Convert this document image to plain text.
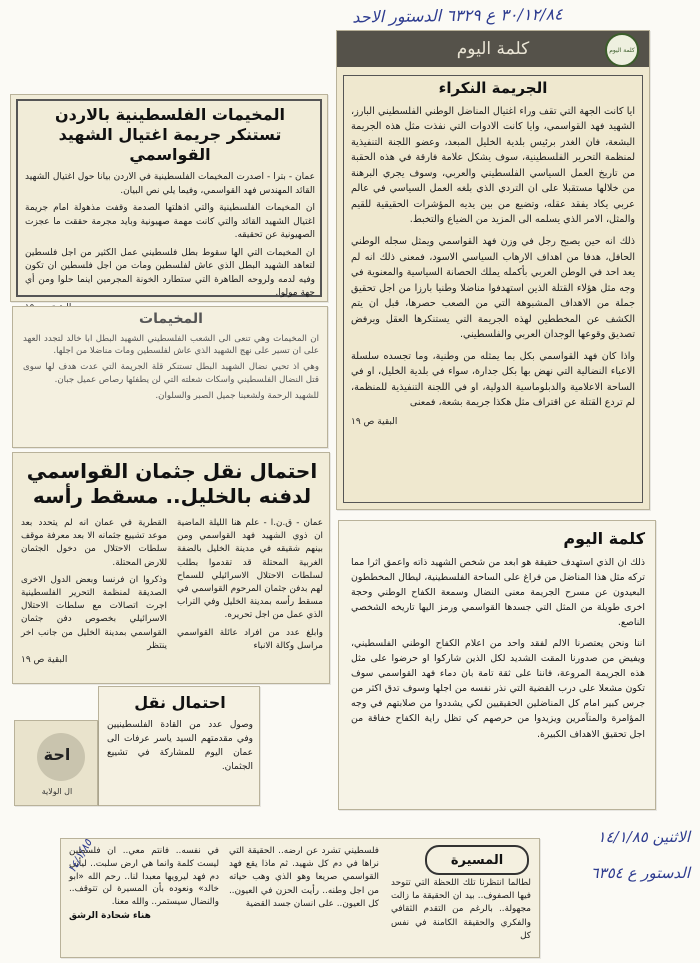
٣٠/١٢/٨٤ ع ٦٣٢٩ الدستور الاحد
كلمة اليوم	كلمة اليوم
الجريمة النكراء

ايا كانت الجهة التي تقف وراء اغتيال المناضل الوطني الفلسطيني البارز، الشهيد فهد القواسمي، وايا كانت الادوات التي نفذت مثل هذه الجريمة البشعة، فان الغدر برئيس بلدية الخليل المبعد، وعضو اللجنة التنفيذية لمنظمة التحرير الفلسطينية، سوف يشكل علامة فارقة في هذه الحقبة من تاريخ العمل السياسي الفلسطيني والعربي، وسوف يجري البرهنة من خلالها مستقبلا على ان التردي الذي بلغه العمل السياسي في عالم عربي يكاد يفقد عقله، وتضيع من بين يديه المؤشرات الحقيقية للقيم والمثل، الامر الذي يسلمه الى المزيد من الضياع والتخبط.

ذلك انه حين يصبح رجل في وزن فهد القواسمي ويمثل سجله الوطني الحافل، هدفا من اهداف الارهاب السياسي الاسود، فمعنى ذلك انه لم يعد احد في الوطن العربي بأكمله يملك الحصانة السياسية والمعنوية في وجه مثل هؤلاء القتلة الذين استهدفوا مناضلا وطنيا بارزا من اجل تحقيق جملة من الاهداف المشبوهة التي من الصعب حصرها، قبل ان يتم الكشف عن المخططين لهذه الجريمة التي يستنكرها العقل ويرفض تصديق وقوعها الوجدان العربي والفلسطيني.

واذا كان فهد القواسمي بكل بما يمثله من وطنية، وما تجسده سلسلة الاعباء النضالية التي نهض بها بكل جدارة، سواء في بلدية الخليل، او في الساحة الاعلامية والدبلوماسية الدولية، او في اللجنة التنفيذية للمنظمة، لم تردع القتلة عن اقتراف مثل هكذا جريمة بشعة، فمعنى

البقية ص ١٩
المخيمات الفلسطينية بالاردن تستنكر جريمة اغتيال الشهيد القواسمي

عمان - بترا - اصدرت المخيمات الفلسطينية في الاردن بيانا حول اغتيال الشهيد القائد المهندس فهد القواسمي، وفيما يلي نص البيان.

ان المخيمات الفلسطينية والتي اذهلتها الصدمة وقفت مذهولة امام جريمة اغتيال الشهيد القائد والتي كانت مهمة صهيونية وبايد مجرمة حققت ما عجزت الصهيونية عن تحقيقه.

ان المخيمات التي الها سقوط بطل فلسطيني عمل الكثير من اجل فلسطين لتعاهد الشهيد البطل الذي عاش لفلسطين ومات من اجل فلسطين ان تكون وفيه لدمه ولروحه الطاهرة التي ستطارد الخونة المجرمين اينما حلوا ومن أي جهة مولوا.

المخيمات

ان المخيمات وهي تنعى الى الشعب الفلسطيني الشهيد البطل ابا خالد لتجدد العهد على ان تسير على نهج الشهيد الذي عاش لفلسطين ومات مناضلا من اجلها.

وهي اذ تحيي نضال الشهيد البطل تستنكر قلة الجريمة التي عدت هدف لها سوى قتل النضال الفلسطيني واسكات شعلته التي لن يطفئها رصاص عميل جبان.

للشهيد الرحمة ولشعبنا جميل الصبر والسلوان.

احتمال نقل جثمان القواسمي
لدفنه بالخليل.. مسقط رأسه

عمان - ق.ن.ا - علم هنا الليلة الماضية ان ذوي الشهيد فهد القواسمي ومن بينهم شقيقه في مدينة الخليل بالضفة الغربية المحتلة قد تقدموا بطلب لسلطات الاحتلال الاسرائيلي للسماح لهم بدفن جثمان المرحوم القواسمي في مسقط رأسه بمدينة الخليل وفي التراب الذي عمل من اجل تحريره.

وابلغ عدد من افراد عائلة القواسمي مراسل وكالة الانباء

القطرية في عمان انه لم يتحدد بعد موعد تشييع جثمانه الا بعد معرفة موقف سلطات الاحتلال من دخول الجثمان للارض المحتلة.

وذكروا ان فرنسا وبعض الدول الاخرى الصديقة لمنظمة التحرير الفلسطينية اجرت اتصالات مع سلطات الاحتلال الاسرائيلي بخصوص دفن جثمان القواسمي بمدينة الخليل من جانب اخر ينتظر

البقية ص ١٩
احتمال نقل

وصول عدد من القادة الفلسطينيين وفي مقدمتهم السيد ياسر عرفات الى عمان اليوم للمشاركة في تشييع الجثمان.

احة
ال الولاية
كلمة اليوم

ذلك ان الذي استهدف حقيقة هو ابعد من شخص الشهيد ذاته واعمق اثرا مما تركه مثل هذا المناضل من فراغ على الساحة الفلسطينية، ليطال المخططون البعيدون عن مسرح الجريمة معنى النضال وسمعة الكفاح الوطني وحجة اخرى طويلة من المثل التي جسدها القواسمي ورمز اليها تاريخه الشخصي الناصع.

اننا ونحن يعتصرنا الالم لفقد واحد من اعلام الكفاح الوطني الفلسطيني، ويفيض من صدورنا المقت الشديد لكل الذين شاركوا او حرضوا على مثل هذه الجريمة المروعة، فاننا على ثقة تامة بان دماء فهد القواسمي سوف تكون مشعلا على درب القضية التي نذر نفسه من اجلها وسوف تدق اكثر من جرس كبير امام كل المناضلين الحقيقيين لكي يشددوا من صلابتهم في وجه المؤامرة والمتآمرين ويزيدوا من حرصهم كي تظل راية الكفاح خفاقة من اجل تحقيق الاهداف الكبيرة.

المسيرة

لطالما انتظرنا تلك اللحظة التي تتوحد فيها الصفوف.. بيد ان الحقيقة ما زالت مجهولة.. بالرغم من التقدم الثقافي والفكري والحقيقة الكامنة في نفس كل

فلسطيني تشرد عن ارضه.. الحقيقة التي نراها في دم كل شهيد. ثم ماذا يقع فهد القواسمي صريعا وهو الذي وهب حياته من اجل وطنه.. رأيت الحزن في العيون.. كل العيون.. على انسان جسد القضية

في نفسه.. فانتم معي.. ان فلسطين ليست كلمة وانما هي ارض سلبت.. ليأتي دم فهد ليرويها معبدا لنا.. رحم الله «ابو خالد» ونعوده بأن المسيرة لن تتوقف.. والنضال سيستمر.. والله معنا.

هناء شحادة الرشق
١٤/١/٨٥	الاثنين ١٤/١/٨٥
الدستور ع ٦٣٥٤
